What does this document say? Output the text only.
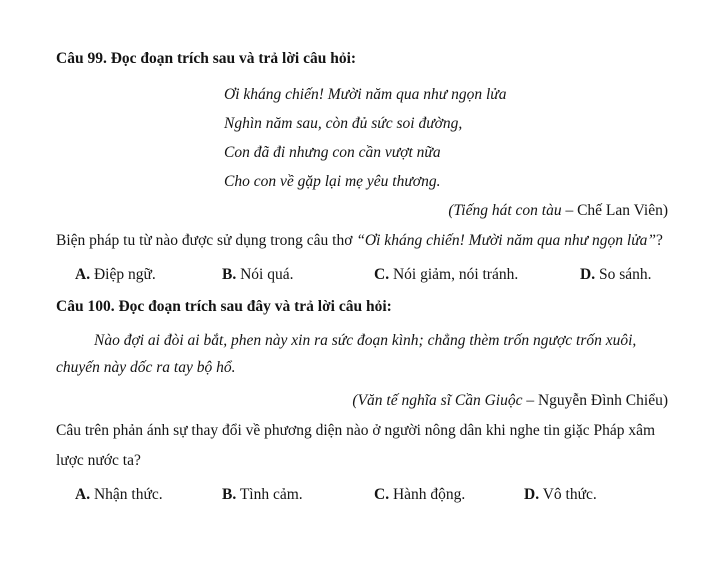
Câu 99. Đọc đoạn trích sau và trả lời câu hỏi:

Ơi kháng chiến! Mười năm qua như ngọn lửa

Nghìn năm sau, còn đủ sức soi đường,

Con đã đi nhưng con cần vượt nữa

Cho con về gặp lại mẹ yêu thương.

(Tiếng hát con tàu – Chế Lan Viên)

Biện pháp tu từ nào được sử dụng trong câu thơ “Ơi kháng chiến! Mười năm qua như ngọn lửa”?

A. Điệp ngữ.	B. Nói quá.	C. Nói giảm, nói tránh.	D. So sánh.

Câu 100. Đọc đoạn trích sau đây và trả lời câu hỏi:

Nào đợi ai đòi ai bắt, phen này xin ra sức đoạn kình; chẳng thèm trốn ngược trốn xuôi, chuyến này dốc ra tay bộ hổ.

(Văn tế nghĩa sĩ Cần Giuộc – Nguyễn Đình Chiểu)

Câu trên phản ánh sự thay đổi về phương diện nào ở người nông dân khi nghe tin giặc Pháp xâm lược nước ta?

A. Nhận thức.	B. Tình cảm.	C. Hành động.	D. Vô thức.
